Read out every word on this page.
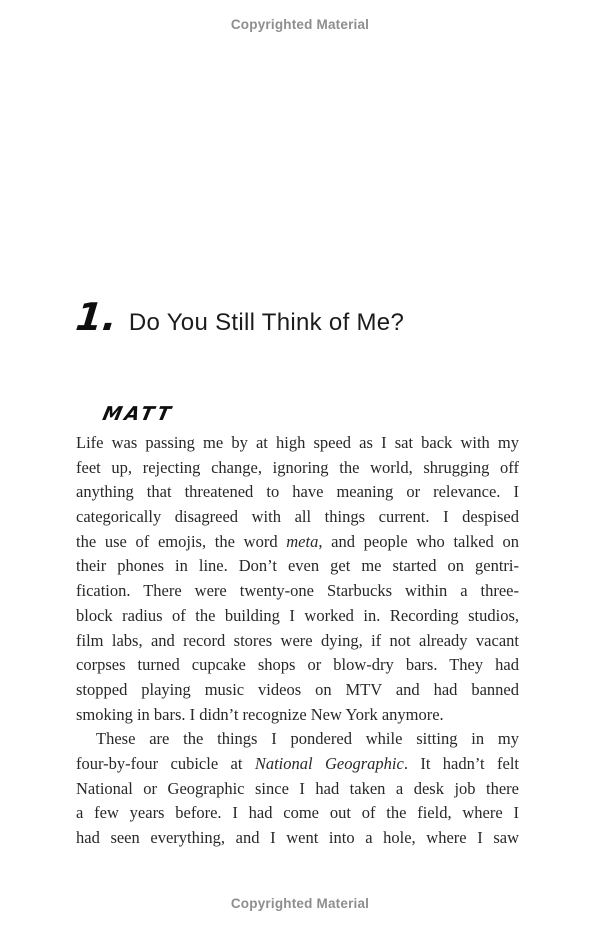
Copyrighted Material
1. Do You Still Think of Me?
MATT
Life was passing me by at high speed as I sat back with my
feet up, rejecting change, ignoring the world, shrugging off
anything that threatened to have meaning or relevance. I
categorically disagreed with all things current. I despised
the use of emojis, the word meta, and people who talked on
their phones in line. Don’t even get me started on gentri-
fication. There were twenty-one Starbucks within a three-
block radius of the building I worked in. Recording studios,
film labs, and record stores were dying, if not already vacant
corpses turned cupcake shops or blow-dry bars. They had
stopped playing music videos on MTV and had banned
smoking in bars. I didn’t recognize New York anymore.
These are the things I pondered while sitting in my
four-by-four cubicle at National Geographic. It hadn’t felt
National or Geographic since I had taken a desk job there
a few years before. I had come out of the field, where I
had seen everything, and I went into a hole, where I saw
Copyrighted Material
